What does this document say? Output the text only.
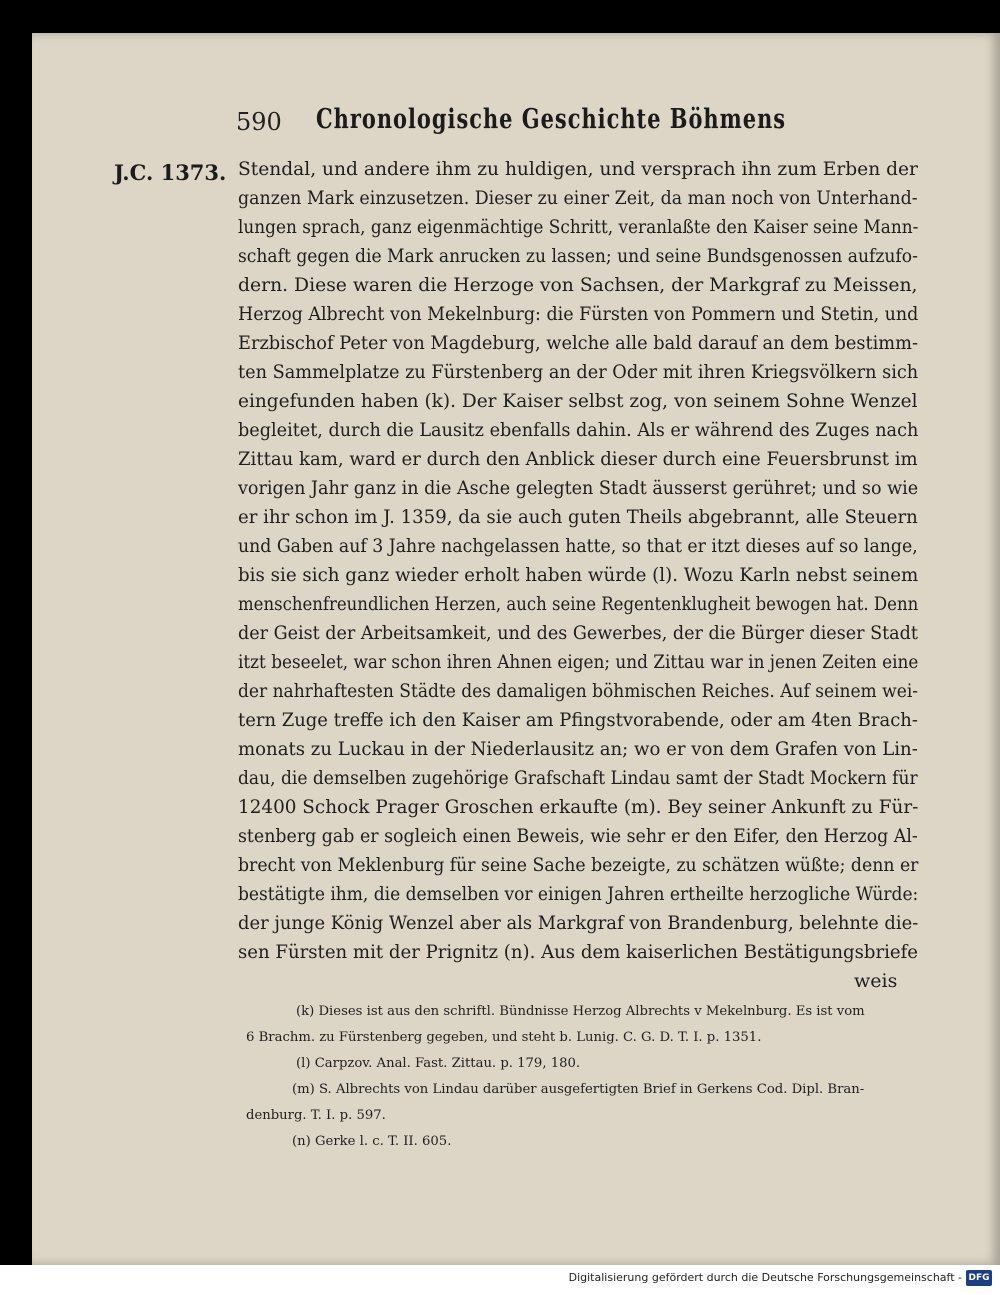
590 Chronologische Geschichte Böhmens
J.C. 1373. Stendal, und andere ihm zu huldigen, und versprach ihn zum Erben der
ganzen Mark einzusetzen. Dieser zu einer Zeit, da man noch von Unterhand-
lungen sprach, ganz eigenmächtige Schritt, veranlaßte den Kaiser seine Mann-
schaft gegen die Mark anrucken zu lassen; und seine Bundsgenossen aufzufo-
dern. Diese waren die Herzoge von Sachsen, der Markgraf zu Meissen,
Herzog Albrecht von Mekelnburg: die Fürsten von Pommern und Stetin, und
Erzbischof Peter von Magdeburg, welche alle bald darauf an dem bestimm-
ten Sammelplatze zu Fürstenberg an der Oder mit ihren Kriegsvölkern sich
eingefunden haben (k). Der Kaiser selbst zog, von seinem Sohne Wenzel
begleitet, durch die Lausitz ebenfalls dahin. Als er während des Zuges nach
Zittau kam, ward er durch den Anblick dieser durch eine Feuersbrunst im
vorigen Jahr ganz in die Asche gelegten Stadt äusserst gerühret; und so wie
er ihr schon im J. 1359, da sie auch guten Theils abgebrannt, alle Steuern
und Gaben auf 3 Jahre nachgelassen hatte, so that er itzt dieses auf so lange,
bis sie sich ganz wieder erholt haben würde (l). Wozu Karln nebst seinem
menschenfreundlichen Herzen, auch seine Regentenklugheit bewogen hat. Denn
der Geist der Arbeitsamkeit, und des Gewerbes, der die Bürger dieser Stadt
itzt beseelet, war schon ihren Ahnen eigen; und Zittau war in jenen Zeiten eine
der nahrhaftesten Städte des damaligen böhmischen Reiches. Auf seinem wei-
tern Zuge treffe ich den Kaiser am Pfingstvorabende, oder am 4ten Brach-
monats zu Luckau in der Niederlausitz an; wo er von dem Grafen von Lin-
dau, die demselben zugehörige Grafschaft Lindau samt der Stadt Mockern für
12400 Schock Prager Groschen erkaufte (m). Bey seiner Ankunft zu Für-
stenberg gab er sogleich einen Beweis, wie sehr er den Eifer, den Herzog Al-
brecht von Meklenburg für seine Sache bezeigte, zu schätzen wüßte; denn er
bestätigte ihm, die demselben vor einigen Jahren ertheilte herzogliche Würde:
der junge König Wenzel aber als Markgraf von Brandenburg, belehnte die-
sen Fürsten mit der Prignitz (n). Aus dem kaiserlichen Bestätigungsbriefe
weis
(k) Dieses ist aus den schriftl. Bündnisse Herzog Albrechts v Mekelnburg. Es ist vom
6 Brachm. zu Fürstenberg gegeben, und steht b. Lunig. C. G. D. T. I. p. 1351.
(l) Carpzov. Anal. Fast. Zittau. p. 179, 180.
(m) S. Albrechts von Lindau darüber ausgefertigten Brief in Gerkens Cod. Dipl. Bran-
denburg. T. I. p. 597.
(n) Gerke l. c. T. II. 605.
Digitalisierung gefördert durch die Deutsche Forschungsgemeinschaft - DFG
